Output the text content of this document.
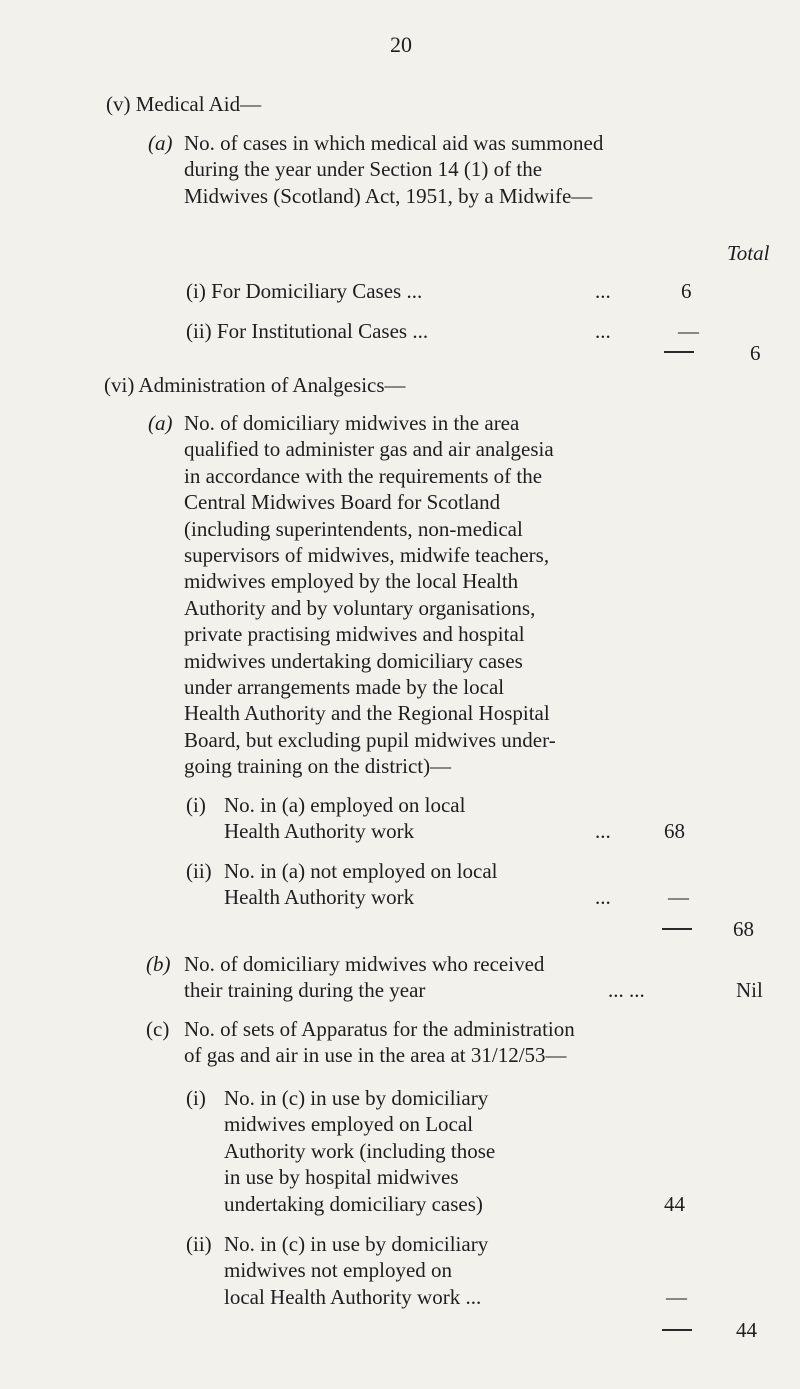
20
(v) Medical Aid—
(a) No. of cases in which medical aid was summoned
during the year under Section 14 (1) of the
Midwives (Scotland) Act, 1951, by a Midwife—
Total
(i) For Domiciliary Cases ...	...	6
(ii) For Institutional Cases ...	...	—
6
(vi) Administration of Analgesics—
(a) No. of domiciliary midwives in the area
qualified to administer gas and air analgesia
in accordance with the requirements of the
Central Midwives Board for Scotland
(including superintendents, non-medical
supervisors of midwives, midwife teachers,
midwives employed by the local Health
Authority and by voluntary organisations,
private practising midwives and hospital
midwives undertaking domiciliary cases
under arrangements made by the local
Health Authority and the Regional Hospital
Board, but excluding pupil midwives under-
going training on the district)—
(i) No. in (a) employed on local
Health Authority work	...	68
(ii) No. in (a) not employed on local
Health Authority work	...	—
68
(b) No. of domiciliary midwives who received
their training during the year	... ...	Nil
(c) No. of sets of Apparatus for the administration
of gas and air in use in the area at 31/12/53—
(i) No. in (c) in use by domiciliary
midwives employed on Local
Authority work (including those
in use by hospital midwives
undertaking domiciliary cases)	44
(ii) No. in (c) in use by domiciliary
midwives not employed on
local Health Authority work ...	—
44
